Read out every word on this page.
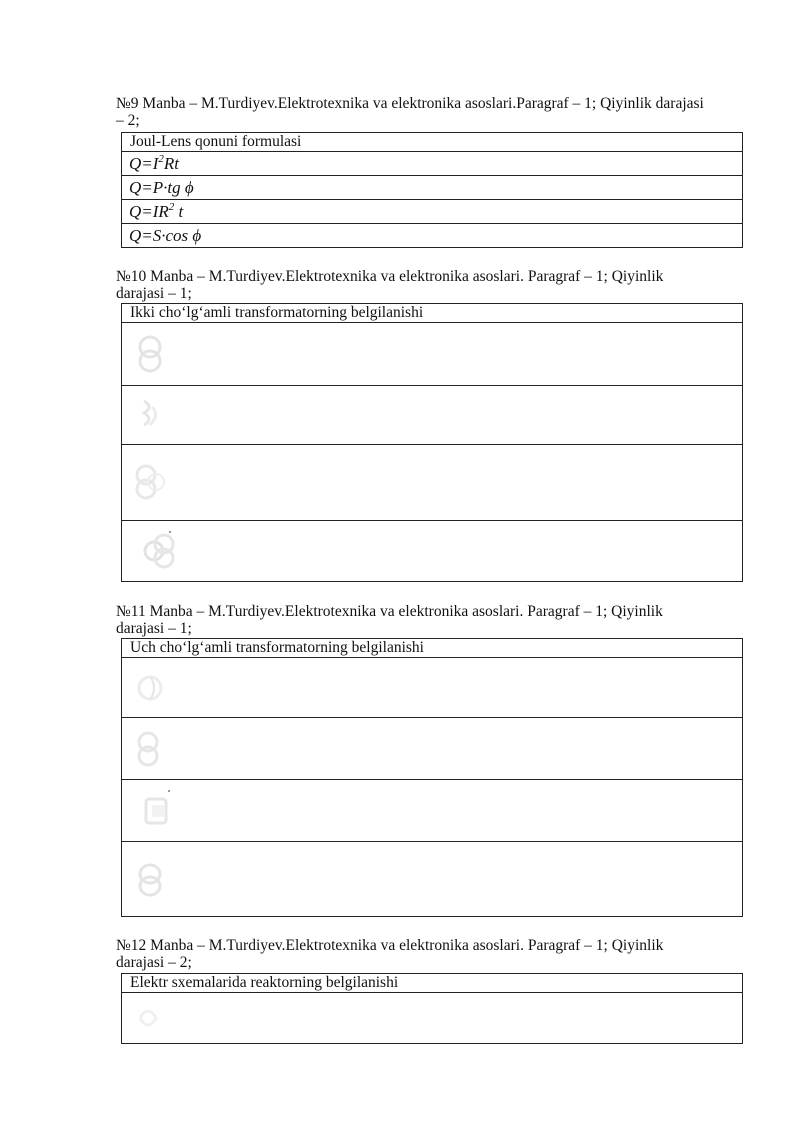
№9 Manba – M.Turdiyev.Elektrotexnika va elektronika asoslari.Paragraf – 1; Qiyinlik darajasi
– 2;
Joul-Lens qonuni formulasi
$Q=I^2Rt$
Q=P·tg ϕ
$Q=IR^2$ t
Q=S·cos ϕ
№10 Manba – M.Turdiyev.Elektrotexnika va elektronika asoslari. Paragraf – 1; Qiyinlik
darajasi – 1;
Ikki cho‘lg‘amli transformatorning belgilanishi
№11 Manba – M.Turdiyev.Elektrotexnika va elektronika asoslari. Paragraf – 1; Qiyinlik
darajasi – 1;
Uch cho‘lg‘amli transformatorning belgilanishi
№12 Manba – M.Turdiyev.Elektrotexnika va elektronika asoslari. Paragraf – 1; Qiyinlik
darajasi – 2;
Elektr sxemalarida reaktorning belgilanishi
